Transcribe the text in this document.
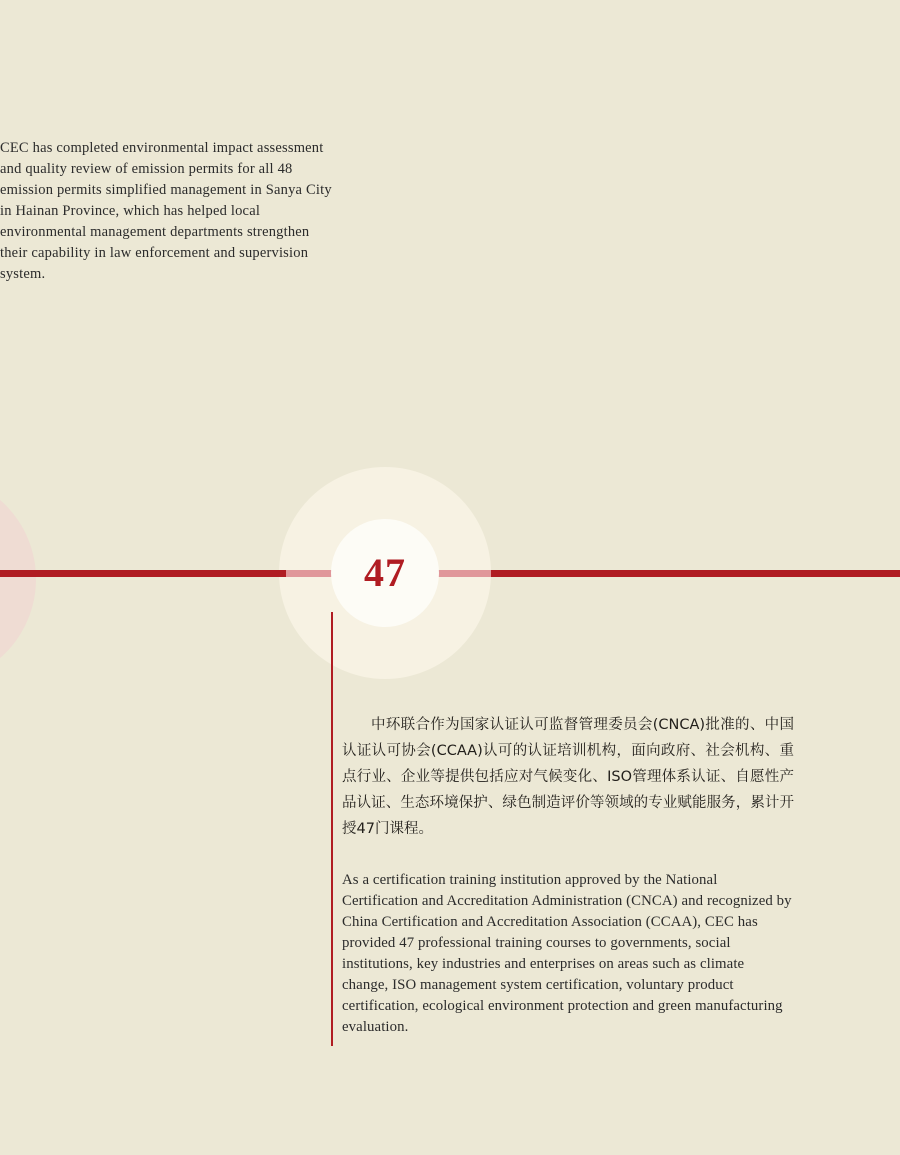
CEC has completed environmental impact assessment and quality review of emission permits for all 48 emission permits simplified management in Sanya City in Hainan Province, which has helped local environmental management departments strengthen their capability in law enforcement and supervision system.
47

中环联合作为国家认证认可监督管理委员会(CNCA)批准的、中国认证认可协会(CCAA)认可的认证培训机构，面向政府、社会机构、重点行业、企业等提供包括应对气候变化、ISO管理体系认证、自愿性产品认证、生态环境保护、绿色制造评价等领域的专业赋能服务，累计开授47门课程。

As a certification training institution approved by the National Certification and Accreditation Administration (CNCA) and recognized by China Certification and Accreditation Association (CCAA), CEC has provided 47 professional training courses to governments, social institutions, key industries and enterprises on areas such as climate change, ISO management system certification, voluntary product certification, ecological environment protection and green manufacturing evaluation.
